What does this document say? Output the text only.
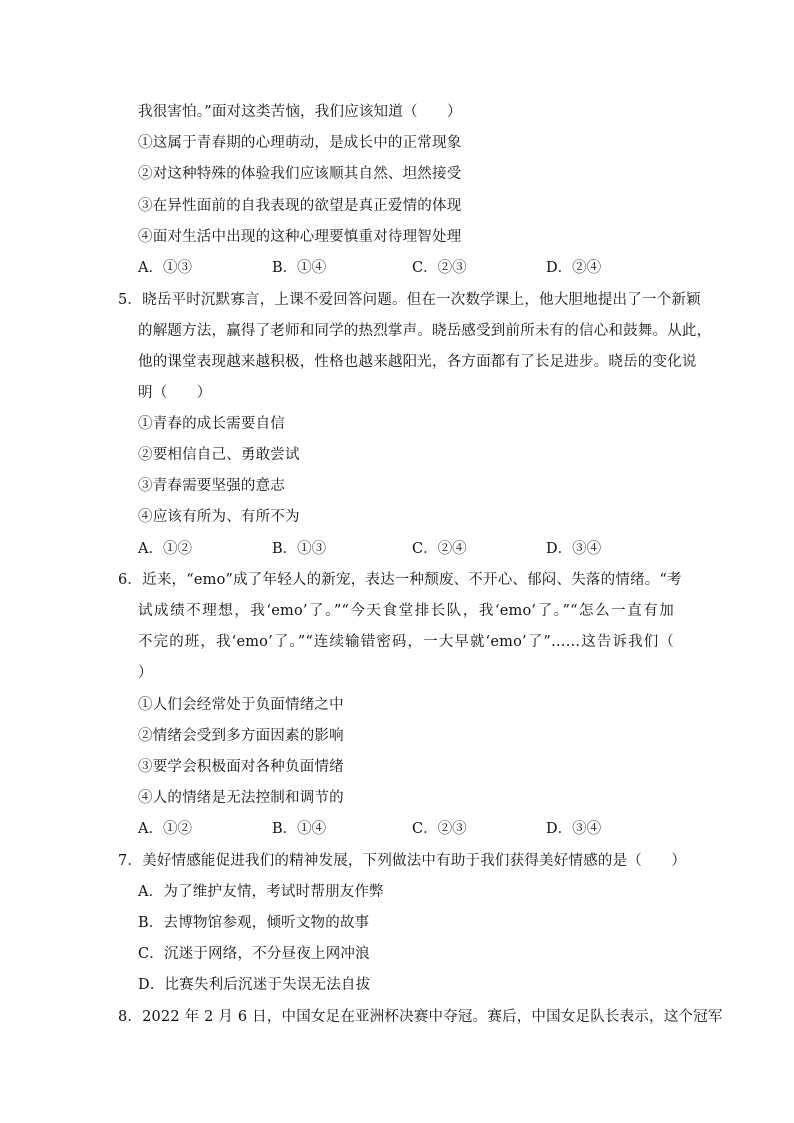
我很害怕。”面对这类苦恼，我们应该知道（　　）
①这属于青春期的心理萌动，是成长中的正常现象
②对这种特殊的体验我们应该顺其自然、坦然接受
③在异性面前的自我表现的欲望是真正爱情的体现
④面对生活中出现的这种心理要慎重对待理智处理
A．①③	B．①④	C．②③	D．②④
5．晓岳平时沉默寡言，上课不爱回答问题。但在一次数学课上，他大胆地提出了一个新颖
的解题方法，赢得了老师和同学的热烈掌声。晓岳感受到前所未有的信心和鼓舞。从此，
他的课堂表现越来越积极，性格也越来越阳光，各方面都有了长足进步。晓岳的变化说
明（　　）
①青春的成长需要自信
②要相信自己、勇敢尝试
③青春需要坚强的意志
④应该有所为、有所不为
A．①②	B．①③	C．②④	D．③④
6．近来，“emo”成了年轻人的新宠，表达一种颓废、不开心、郁闷、失落的情绪。“考
试成绩不理想，我‘emo’了。”“今天食堂排长队，我‘emo’了。”“怎么一直有加
不完的班，我‘emo’了。”“连续输错密码，一大早就‘emo’了”……这告诉我们（
）
①人们会经常处于负面情绪之中
②情绪会受到多方面因素的影响
③要学会积极面对各种负面情绪
④人的情绪是无法控制和调节的
A．①②	B．①④	C．②③	D．③④
7．美好情感能促进我们的精神发展，下列做法中有助于我们获得美好情感的是（　　）
A．为了维护友情，考试时帮朋友作弊
B．去博物馆参观，倾听文物的故事
C．沉迷于网络，不分昼夜上网冲浪
D．比赛失利后沉迷于失误无法自拔
8．2022 年 2 月 6 日，中国女足在亚洲杯决赛中夺冠。赛后，中国女足队长表示，这个冠军
